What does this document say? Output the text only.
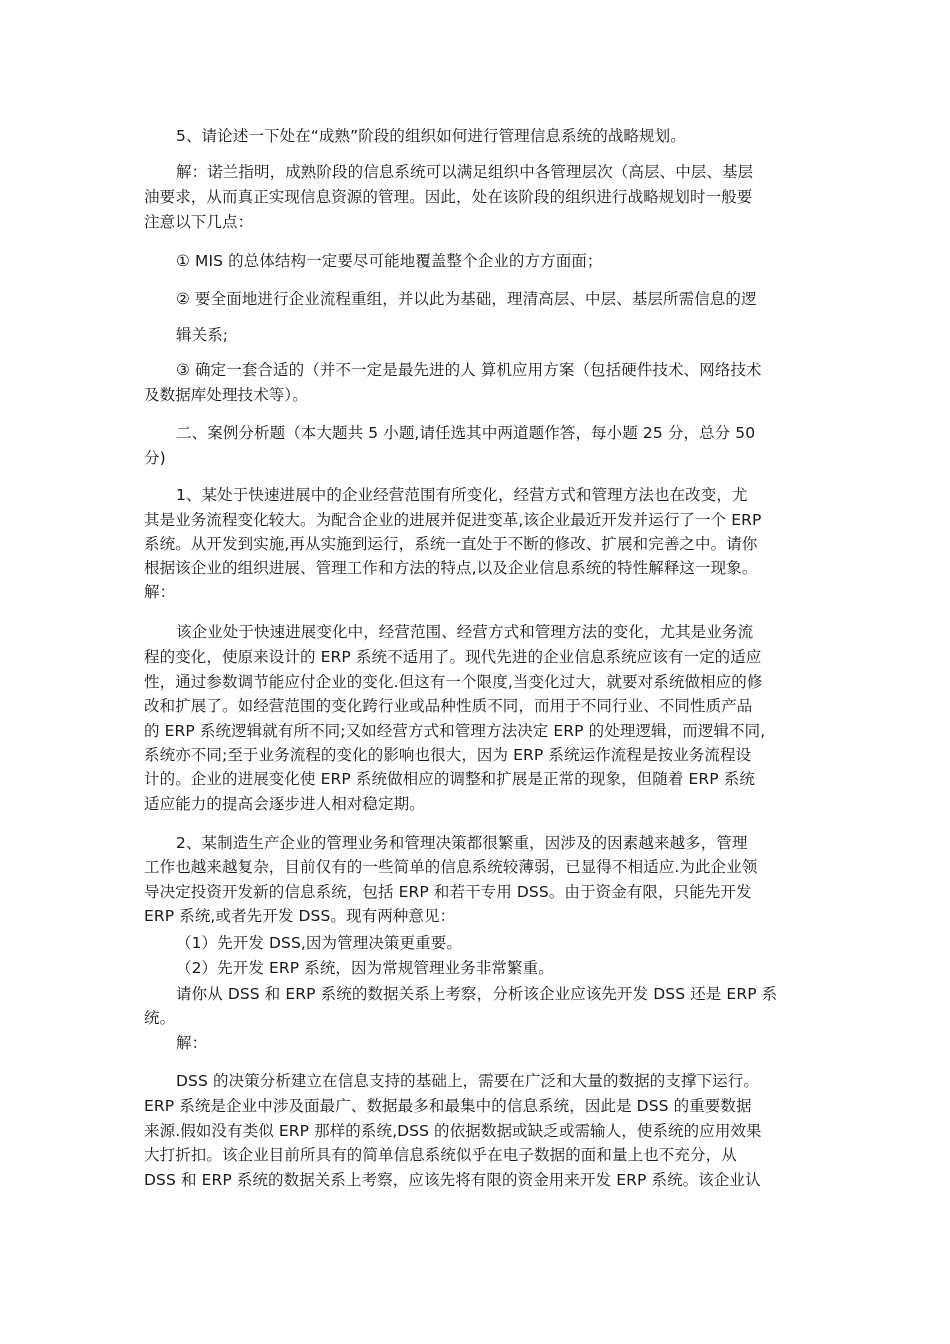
5、请论述一下处在“成熟”阶段的组织如何进行管理信息系统的战略规划。
解：诺兰指明，成熟阶段的信息系统可以满足组织中各管理层次（高层、中层、基层
油要求，从而真正实现信息资源的管理。因此，处在该阶段的组织进行战略规划时一般要
注意以下几点：
① MIS 的总体结构一定要尽可能地覆盖整个企业的方方面面；
② 要全面地进行企业流程重组，并以此为基础，理清高层、中层、基层所需信息的逻
辑关系;
③ 确定一套合适的（并不一定是最先进的人 算机应用方案（包括硬件技术、网络技术
及数据库处理技术等）。
二、案例分析题（本大题共 5 小题,请任选其中两道题作答，每小题 25 分，总分 50
分)
1、某处于快速进展中的企业经营范围有所变化，经营方式和管理方法也在改变，尤
其是业务流程变化较大。为配合企业的进展并促进变革,该企业最近开发并运行了一个 ERP
系统。从开发到实施,再从实施到运行，系统一直处于不断的修改、扩展和完善之中。请你
根据该企业的组织进展、管理工作和方法的特点,以及企业信息系统的特性解释这一现象。
解：
该企业处于快速进展变化中，经营范围、经营方式和管理方法的变化，尤其是业务流
程的变化，使原来设计的 ERP 系统不适用了。现代先进的企业信息系统应该有一定的适应
性，通过参数调节能应付企业的变化.但这有一个限度,当变化过大，就要对系统做相应的修
改和扩展了。如经营范围的变化跨行业或品种性质不同，而用于不同行业、不同性质产品
的 ERP 系统逻辑就有所不同;又如经营方式和管理方法决定 ERP 的处理逻辑，而逻辑不同,
系统亦不同;至于业务流程的变化的影响也很大，因为 ERP 系统运作流程是按业务流程设
计的。企业的进展变化使 ERP 系统做相应的调整和扩展是正常的现象，但随着 ERP 系统
适应能力的提高会逐步进人相对稳定期。
2、某制造生产企业的管理业务和管理决策都很繁重，因涉及的因素越来越多，管理
工作也越来越复杂，目前仅有的一些简单的信息系统较薄弱，已显得不相适应.为此企业领
导决定投资开发新的信息系统，包括 ERP 和若干专用 DSS。由于资金有限，只能先开发
ERP 系统,或者先开发 DSS。现有两种意见：
（1）先开发 DSS,因为管理决策更重要。
（2）先开发 ERP 系统，因为常规管理业务非常繁重。
请你从 DSS 和 ERP 系统的数据关系上考察，分析该企业应该先开发 DSS 还是 ERP 系
统。
解：
DSS 的决策分析建立在信息支持的基础上，需要在广泛和大量的数据的支撑下运行。
ERP 系统是企业中涉及面最广、数据最多和最集中的信息系统，因此是 DSS 的重要数据
来源.假如没有类似 ERP 那样的系统,DSS 的依据数据或缺乏或需输人，使系统的应用效果
大打折扣。该企业目前所具有的简单信息系统似乎在电子数据的面和量上也不充分，从
DSS 和 ERP 系统的数据关系上考察，应该先将有限的资金用来开发 ERP 系统。该企业认
